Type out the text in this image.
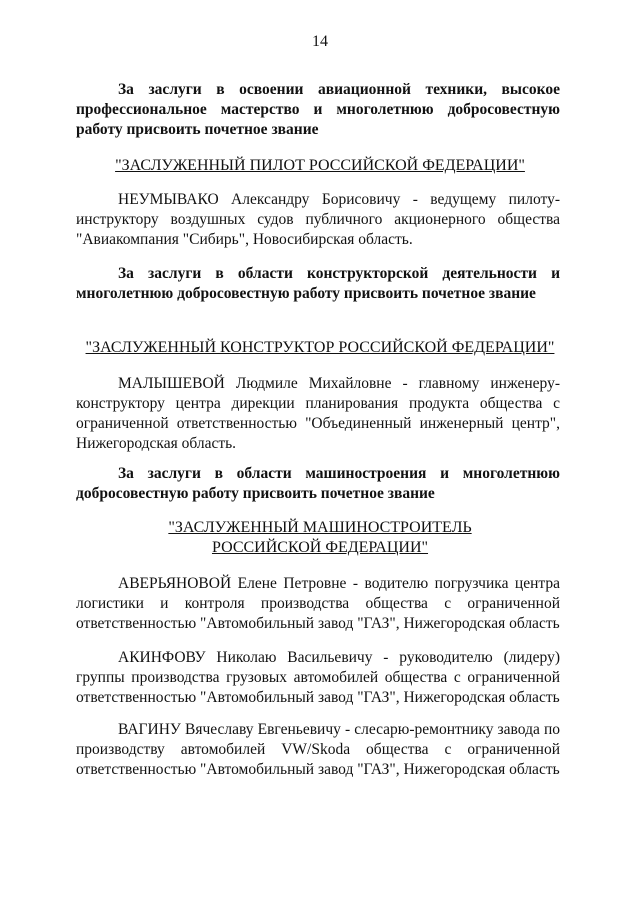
14

За заслуги в освоении авиационной техники, высокое профессиональное мастерство и многолетнюю добросовестную работу присвоить почетное звание

"ЗАСЛУЖЕННЫЙ ПИЛОТ РОССИЙСКОЙ ФЕДЕРАЦИИ"

НЕУМЫВАКО Александру Борисовичу - ведущему пилоту-инструктору воздушных судов публичного акционерного общества "Авиакомпания "Сибирь", Новосибирская область.

За заслуги в области конструкторской деятельности и многолетнюю добросовестную работу присвоить почетное звание

"ЗАСЛУЖЕННЫЙ КОНСТРУКТОР РОССИЙСКОЙ ФЕДЕРАЦИИ"

МАЛЫШЕВОЙ Людмиле Михайловне - главному инженеру-конструктору центра дирекции планирования продукта общества с ограниченной ответственностью "Объединенный инженерный центр", Нижегородская область.

За заслуги в области машиностроения и многолетнюю добросовестную работу присвоить почетное звание

"ЗАСЛУЖЕННЫЙ МАШИНОСТРОИТЕЛЬ
РОССИЙСКОЙ ФЕДЕРАЦИИ"

АВЕРЬЯНОВОЙ Елене Петровне - водителю погрузчика центра логистики и контроля производства общества с ограниченной ответственностью "Автомобильный завод "ГАЗ", Нижегородская область

АКИНФОВУ Николаю Васильевичу - руководителю (лидеру) группы производства грузовых автомобилей общества с ограниченной ответственностью "Автомобильный завод "ГАЗ", Нижегородская область

ВАГИНУ Вячеславу Евгеньевичу - слесарю-ремонтнику завода по производству автомобилей VW/Skoda общества с ограниченной ответственностью "Автомобильный завод "ГАЗ", Нижегородская область
